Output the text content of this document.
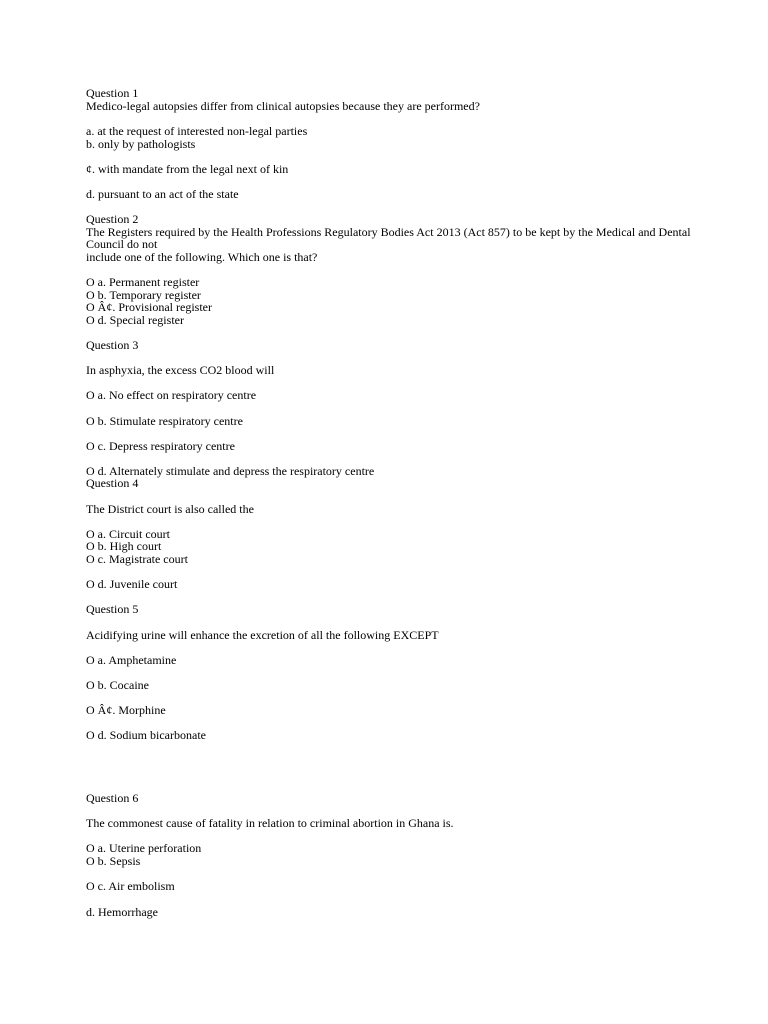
Question 1

Medico-legal autopsies differ from clinical autopsies because they are performed?

a. at the request of interested non-legal parties

b. only by pathologists

¢. with mandate from the legal next of kin

d. pursuant to an act of the state

Question 2

The Registers required by the Health Professions Regulatory Bodies Act 2013 (Act 857) to be kept by the Medical and Dental

Council do not

include one of the following. Which one is that?

O a. Permanent register

O b. Temporary register

O Â¢. Provisional register

O d. Special register

Question 3

In asphyxia, the excess CO2 blood will

O a. No effect on respiratory centre

O b. Stimulate respiratory centre

O c. Depress respiratory centre

O d. Alternately stimulate and depress the respiratory centre

Question 4

The District court is also called the

O a. Circuit court

O b. High court

O c. Magistrate court

O d. Juvenile court

Question 5

Acidifying urine will enhance the excretion of all the following EXCEPT

O a. Amphetamine

O b. Cocaine

O Â¢. Morphine

O d. Sodium bicarbonate

Question 6

The commonest cause of fatality in relation to criminal abortion in Ghana is.

O a. Uterine perforation

O b. Sepsis

O c. Air embolism

d. Hemorrhage
